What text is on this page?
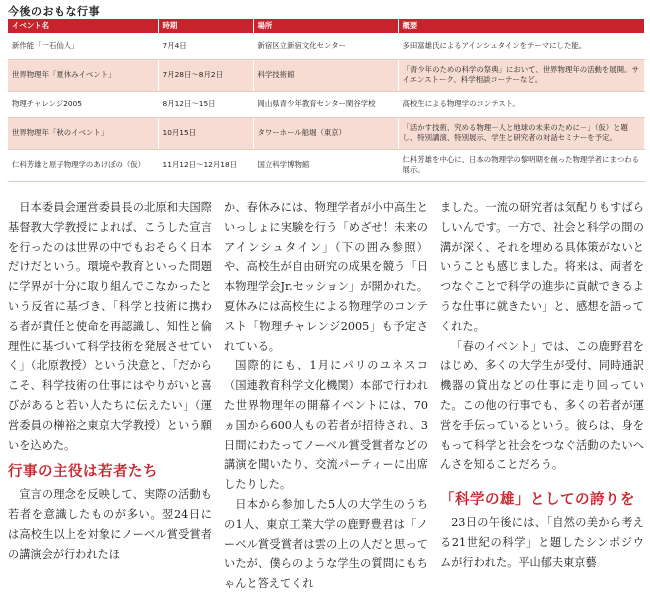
今後のおもな行事
イベント名	時期	場所	概要
新作能「一石仙人」	7月4日	新宿区立新宿文化センター	多田富雄氏によるアインシュタインをテーマにした能。
世界物理年「夏休みイベント」	7月28日～8月2日	科学技術館	「青少年のための科学の祭典」において、世界物理年の活動を展開。サイエンストーク、科学相談コーナーなど。
物理チャレンジ2005	8月12日～15日	岡山県青少年教育センター閑谷学校	高校生による物理学のコンテスト。
世界物理年「秋のイベント」	10月15日	タワーホール船堀（東京）	「活かす技術、究める物理－人と地球の未来のために－」（仮）と題し、特別講演、特別展示、学生と研究者の対話セミナーを予定。
仁科芳雄と原子物理学のあけぼの（仮）	11月12日～12月18日	国立科学博物館	仁科芳雄を中心に、日本の物理学の黎明期を創った物理学者にまつわる展示。

日本委員会運営委員長の北原和夫国際基督教大学教授によれば、こうした宣言を行ったのは世界の中でもおそらく日本だけだという。環境や教育といった問題に学界が十分に取り組んでこなかったという反省に基づき、「科学と技術に携わる者が責任と使命を再認識し、知性と倫理性に基づいて科学技術を発展させていく」（北原教授）という決意と、「だからこそ、科学技術の仕事にはやりがいと喜びがあると若い人たちに伝えたい」（運営委員の榊裕之東京大学教授）という願いを込めた。

行事の主役は若者たち

宣言の理念を反映して、実際の活動も若者を意識したものが多い。翌24日には高校生以上を対象にノーベル賞受賞者の講演会が行われたほ

か、春休みには、物理学者が小中高生といっしょに実験を行う「めざせ！未来のアインシュタイン」（下の囲み参照）や、高校生が自由研究の成果を競う「日本物理学会Jr.セッション」が開かれた。夏休みには高校生による物理学のコンテスト「物理チャレンジ2005」も予定されている。

国際的にも、1月にパリのユネスコ（国連教育科学文化機関）本部で行われた世界物理年の開幕イベントには、70ヵ国から600人もの若者が招待され、3日間にわたってノーベル賞受賞者などの講演を聞いたり、交流パーティーに出席したりした。

日本から参加した5人の大学生のうちの1人、東京工業大学の鹿野豊君は「ノーベル賞受賞者は雲の上の人だと思っていたが、僕らのような学生の質問にもちゃんと答えてくれ

ました。一流の研究者は気配りもすばらしいんです。一方で、社会と科学の間の溝が深く、それを埋める具体策がないということも感じました。将来は、両者をつなぐことで科学の進歩に貢献できるような仕事に就きたい」と、感想を語ってくれた。

「春のイベント」では、この鹿野君をはじめ、多くの大学生が受付、同時通訳機器の貸出などの仕事に走り回っていた。この他の行事でも、多くの若者が運営を手伝っているという。彼らは、身をもって科学と社会をつなぐ活動のたいへんさを知ることだろう。

「科学の雄」としての誇りを

23日の午後には、「自然の美から考える21世紀の科学」と題したシンポジウムが行われた。平山郁夫東京藝
